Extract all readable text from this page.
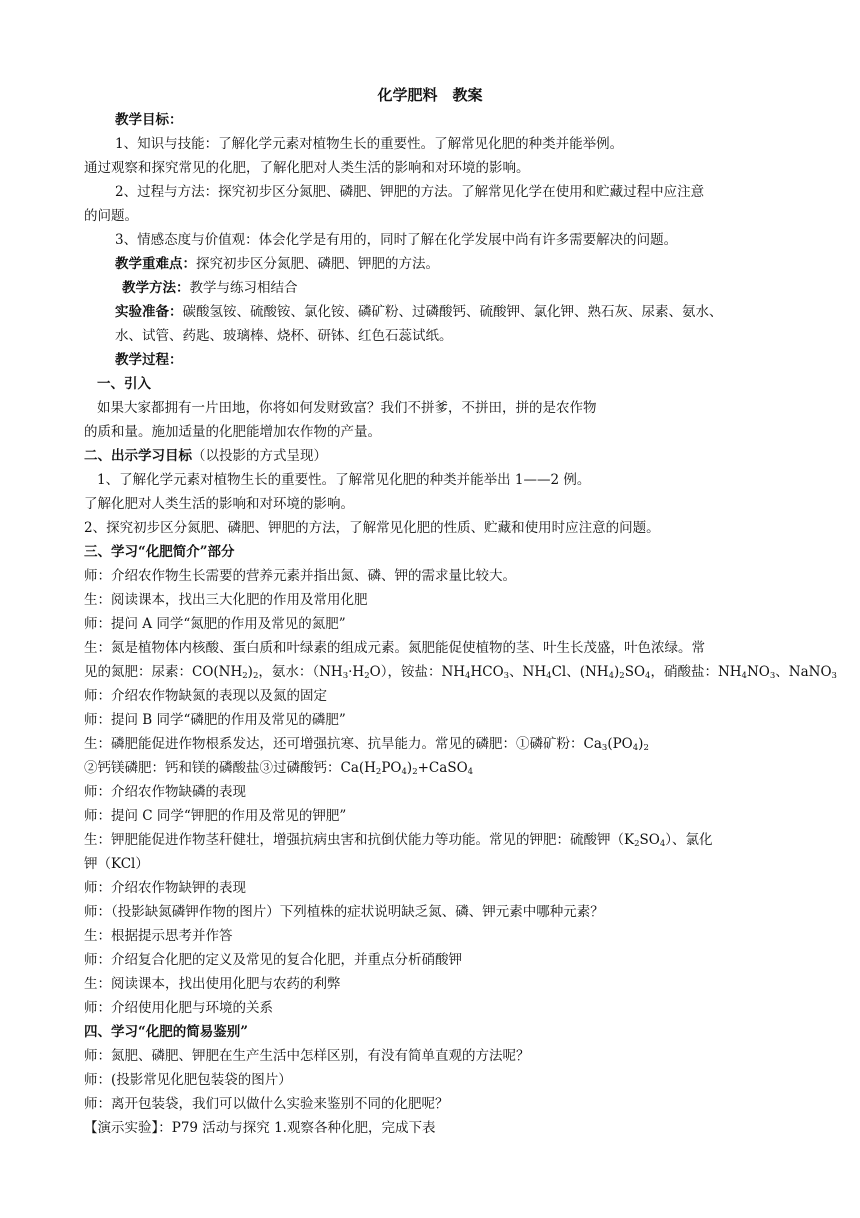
化学肥料　教案
教学目标：
1、知识与技能：了解化学元素对植物生长的重要性。了解常见化肥的种类并能举例。
通过观察和探究常见的化肥，了解化肥对人类生活的影响和对环境的影响。
2、过程与方法：探究初步区分氮肥、磷肥、钾肥的方法。了解常见化学在使用和贮藏过程中应注意
的问题。
3、情感态度与价值观：体会化学是有用的，同时了解在化学发展中尚有许多需要解决的问题。
教学重难点：探究初步区分氮肥、磷肥、钾肥的方法。
教学方法：教学与练习相结合
实验准备：碳酸氢铵、硫酸铵、氯化铵、磷矿粉、过磷酸钙、硫酸钾、氯化钾、熟石灰、尿素、氨水、
水、试管、药匙、玻璃棒、烧杯、研钵、红色石蕊试纸。
教学过程：
一、引入
如果大家都拥有一片田地，你将如何发财致富？我们不拼爹，不拼田，拼的是农作物
的质和量。施加适量的化肥能增加农作物的产量。
二、出示学习目标（以投影的方式呈现）
1、了解化学元素对植物生长的重要性。了解常见化肥的种类并能举出 1——2 例。
了解化肥对人类生活的影响和对环境的影响。
2、探究初步区分氮肥、磷肥、钾肥的方法，了解常见化肥的性质、贮藏和使用时应注意的问题。
三、学习“化肥简介”部分
师：介绍农作物生长需要的营养元素并指出氮、磷、钾的需求量比较大。
生：阅读课本，找出三大化肥的作用及常用化肥
师：提问 A 同学“氮肥的作用及常见的氮肥”
生：氮是植物体内核酸、蛋白质和叶绿素的组成元素。氮肥能促使植物的茎、叶生长茂盛，叶色浓绿。常
见的氮肥：尿素：$CO(NH_2)_2$，氨水：$(NH_3\cdot H_2O)$，铵盐：$NH_4HCO_3$、$NH_4Cl$、$(NH_4)_2SO_4$，硝酸盐：$NH_4NO_3$、NaNO$_3$
师：介绍农作物缺氮的表现以及氮的固定
师：提问 B 同学“磷肥的作用及常见的磷肥”
生：磷肥能促进作物根系发达，还可增强抗寒、抗旱能力。常见的磷肥：①磷矿粉：$Ca_3(PO_4)_2$
②钙镁磷肥：钙和镁的磷酸盐③过磷酸钙：$Ca(H_2PO_4)_2+CaSO_4$
师：介绍农作物缺磷的表现
师：提问 C 同学“钾肥的作用及常见的钾肥”
生：钾肥能促进作物茎秆健壮，增强抗病虫害和抗倒伏能力等功能。常见的钾肥：硫酸钾$(K_2SO_4)$、氯化
钾（KCl）
师：介绍农作物缺钾的表现
师：（投影缺氮磷钾作物的图片）下列植株的症状说明缺乏氮、磷、钾元素中哪种元素？
生：根据提示思考并作答
师：介绍复合化肥的定义及常见的复合化肥，并重点分析硝酸钾
生：阅读课本，找出使用化肥与农药的利弊
师：介绍使用化肥与环境的关系
四、学习“化肥的简易鉴别”
师：氮肥、磷肥、钾肥在生产生活中怎样区别，有没有简单直观的方法呢？
师：(投影常见化肥包装袋的图片）
师：离开包装袋，我们可以做什么实验来鉴别不同的化肥呢？
【演示实验】：P79 活动与探究 1.观察各种化肥，完成下表
